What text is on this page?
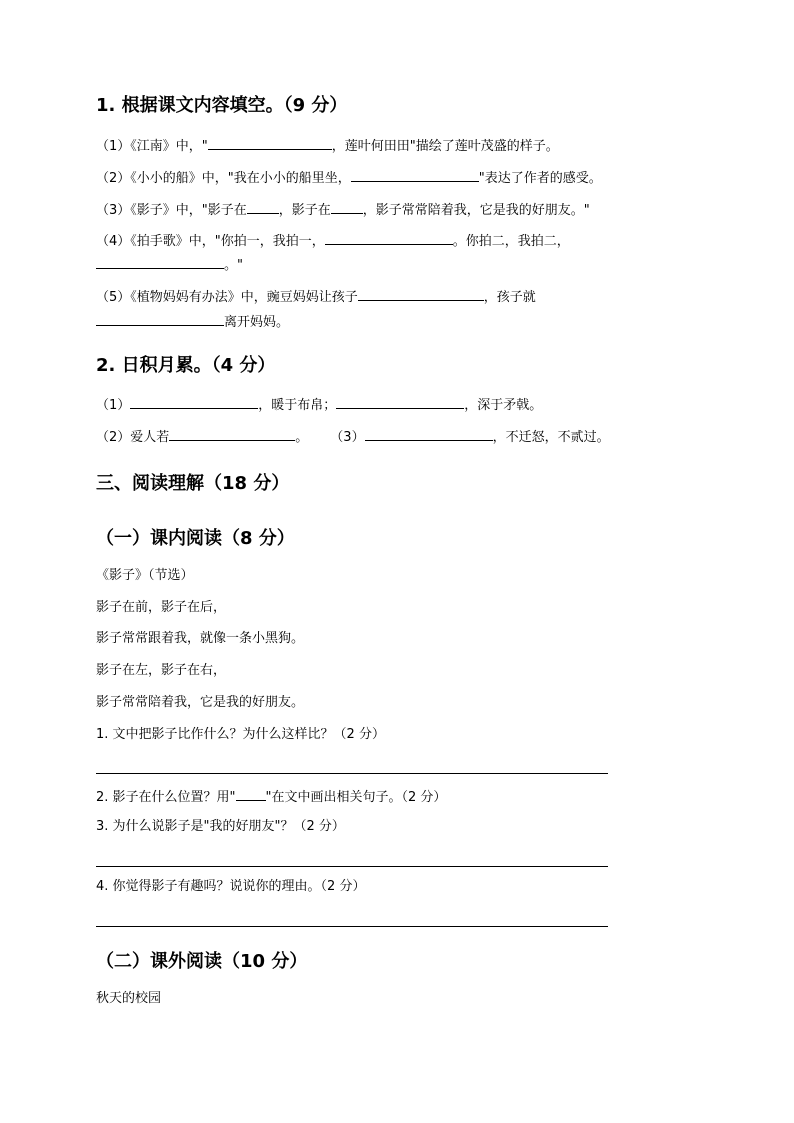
1. 根据课文内容填空。（9 分）
（1）《江南》中，"	，莲叶何田田"描绘了莲叶茂盛的样子。
（2）《小小的船》中，"我在小小的船里坐，	"表达了作者的感受。
（3）《影子》中，"影子在 ，影子在 ，影子常常陪着我，它是我的好朋友。"
（4）《拍手歌》中，"你拍一，我拍一，	。你拍二，我拍二，
。"
（5）《植物妈妈有办法》中，豌豆妈妈让孩子	，孩子就
离开妈妈。
2. 日积月累。（4 分）
（1）	，暖于布帛；	，深于矛戟。
（2）爱人若	。 （3）	，不迁怒，不贰过。
三、阅读理解（18 分）
（一）课内阅读（8 分）
《影子》（节选）
影子在前，影子在后，
影子常常跟着我，就像一条小黑狗。
影子在左，影子在右，
影子常常陪着我，它是我的好朋友。
1. 文中把影子比作什么？为什么这样比？（2 分）
2. 影子在什么位置？用" "在文中画出相关句子。（2 分）
3. 为什么说影子是"我的好朋友"？（2 分）
4. 你觉得影子有趣吗？说说你的理由。（2 分）
（二）课外阅读（10 分）
秋天的校园
